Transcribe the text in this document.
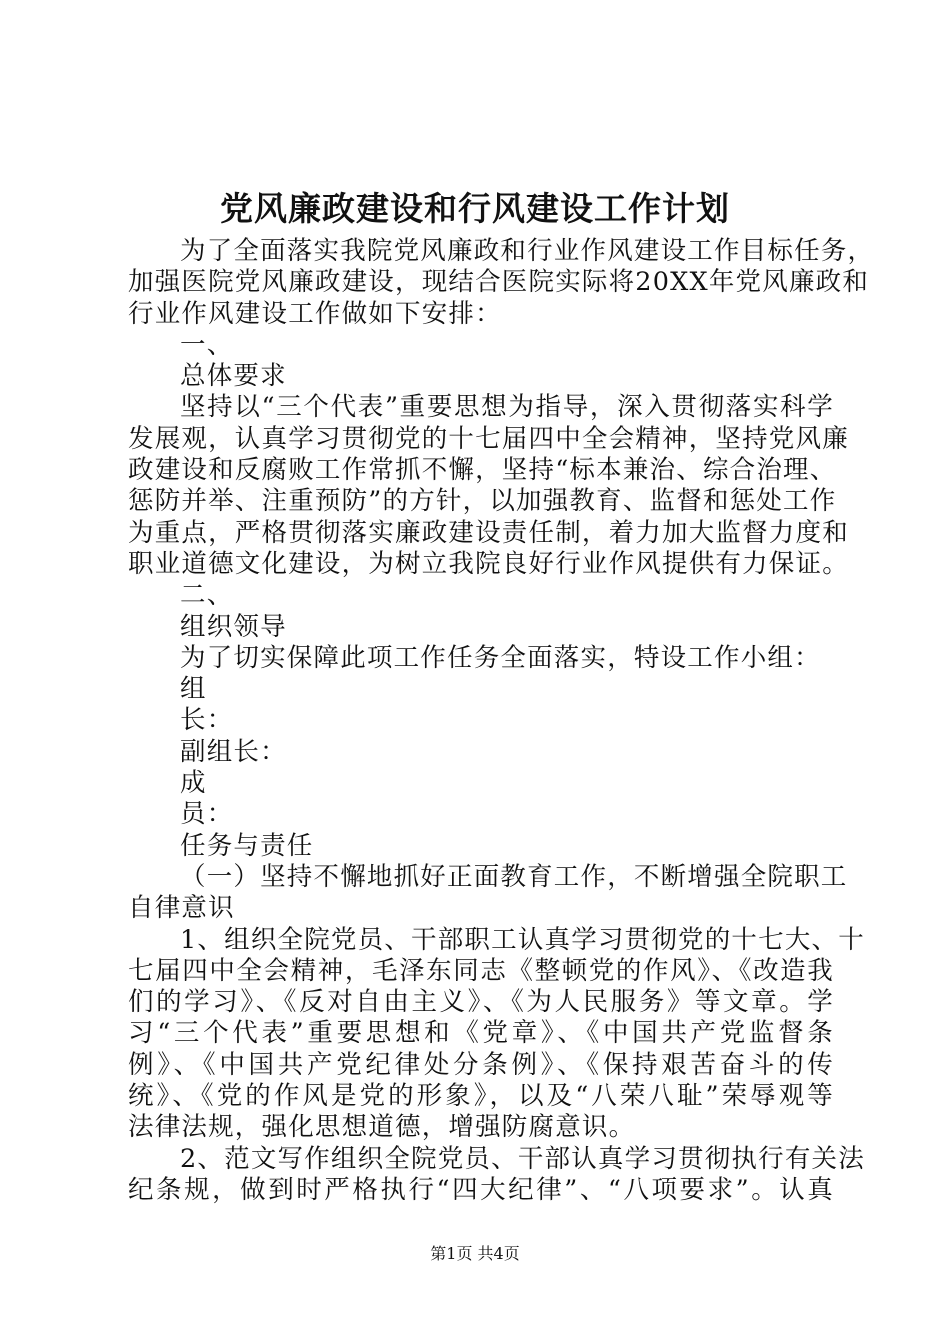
党风廉政建设和行风建设工作计划
为了全面落实我院党风廉政和行业作风建设工作目标任务，
加强医院党风廉政建设，现结合医院实际将20XX年党风廉政和
行业作风建设工作做如下安排：
一、
总体要求
坚持以“三个代表”重要思想为指导，深入贯彻落实科学
发展观，认真学习贯彻党的十七届四中全会精神，坚持党风廉
政建设和反腐败工作常抓不懈，坚持“标本兼治、综合治理、
惩防并举、注重预防”的方针，以加强教育、监督和惩处工作
为重点，严格贯彻落实廉政建设责任制，着力加大监督力度和
职业道德文化建设，为树立我院良好行业作风提供有力保证。
二、
组织领导
为了切实保障此项工作任务全面落实，特设工作小组：
组
长：
副组长：
成
员：
任务与责任
（一）坚持不懈地抓好正面教育工作，不断增强全院职工
自律意识
1、组织全院党员、干部职工认真学习贯彻党的十七大、十
七届四中全会精神，毛泽东同志《整顿党的作风》、《改造我
们的学习》、《反对自由主义》、《为人民服务》等文章。学
习“三个代表”重要思想和《党章》、《中国共产党监督条
例》、《中国共产党纪律处分条例》、《保持艰苦奋斗的传
统》、《党的作风是党的形象》，以及“八荣八耻”荣辱观等
法律法规，强化思想道德，增强防腐意识。
2、范文写作组织全院党员、干部认真学习贯彻执行有关法
纪条规，做到时严格执行“四大纪律”、“八项要求”。认真
第1页 共4页
